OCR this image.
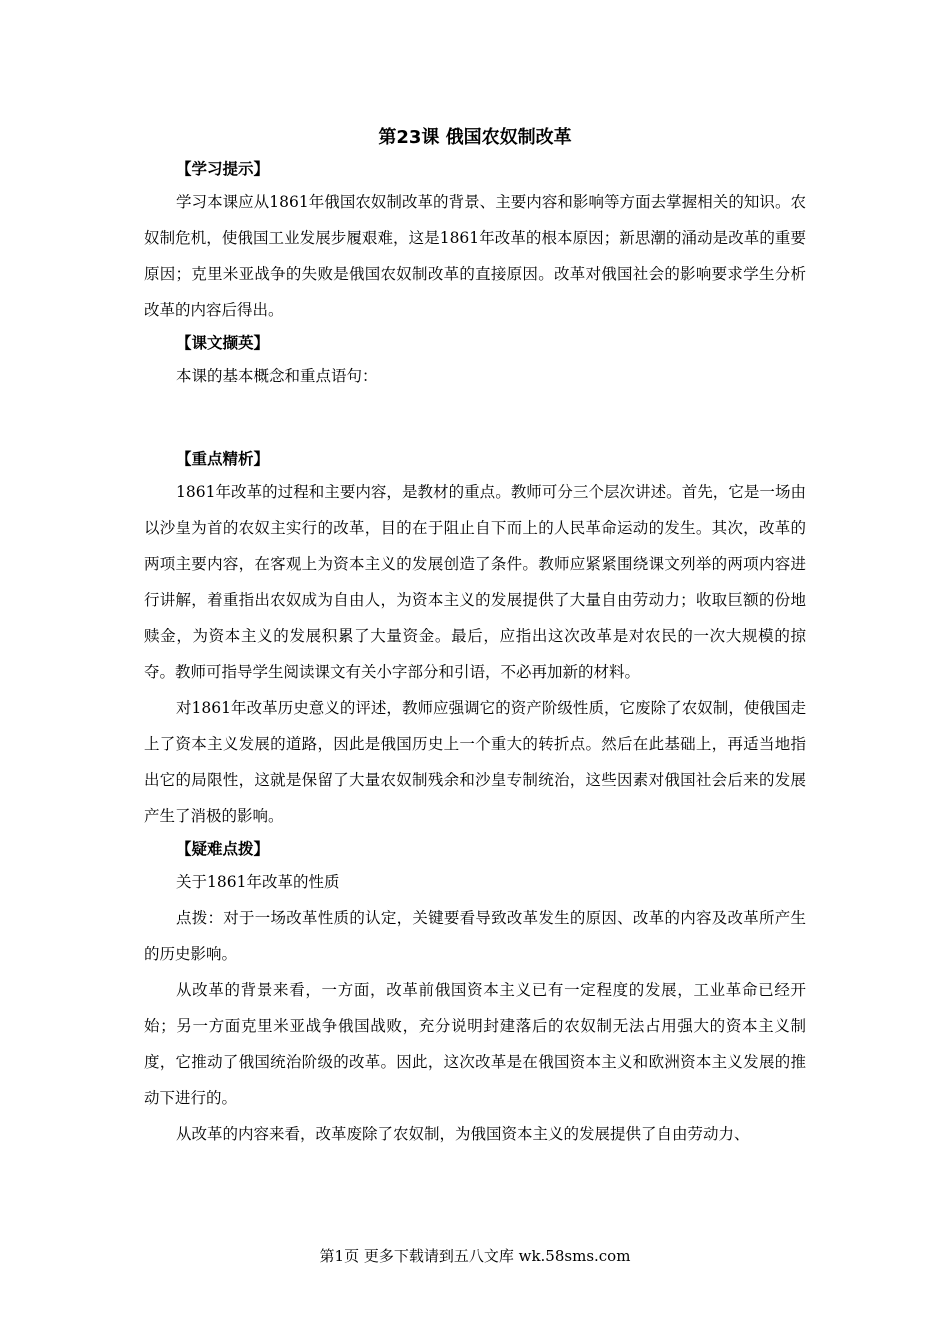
第23课 俄国农奴制改革

【学习提示】

学习本课应从1861年俄国农奴制改革的背景、主要内容和影响等方面去掌握相关的知识。农奴制危机，使俄国工业发展步履艰难，这是1861年改革的根本原因；新思潮的涌动是改革的重要原因；克里米亚战争的失败是俄国农奴制改革的直接原因。改革对俄国社会的影响要求学生分析改革的内容后得出。

【课文撷英】

本课的基本概念和重点语句：

【重点精析】

1861年改革的过程和主要内容，是教材的重点。教师可分三个层次讲述。首先，它是一场由以沙皇为首的农奴主实行的改革，目的在于阻止自下而上的人民革命运动的发生。其次，改革的两项主要内容，在客观上为资本主义的发展创造了条件。教师应紧紧围绕课文列举的两项内容进行讲解，着重指出农奴成为自由人，为资本主义的发展提供了大量自由劳动力；收取巨额的份地赎金，为资本主义的发展积累了大量资金。最后，应指出这次改革是对农民的一次大规模的掠夺。教师可指导学生阅读课文有关小字部分和引语，不必再加新的材料。

对1861年改革历史意义的评述，教师应强调它的资产阶级性质，它废除了农奴制，使俄国走上了资本主义发展的道路，因此是俄国历史上一个重大的转折点。然后在此基础上，再适当地指出它的局限性，这就是保留了大量农奴制残余和沙皇专制统治，这些因素对俄国社会后来的发展产生了消极的影响。

【疑难点拨】

关于1861年改革的性质

点拨：对于一场改革性质的认定，关键要看导致改革发生的原因、改革的内容及改革所产生的历史影响。

从改革的背景来看，一方面，改革前俄国资本主义已有一定程度的发展，工业革命已经开始；另一方面克里米亚战争俄国战败，充分说明封建落后的农奴制无法占用强大的资本主义制度，它推动了俄国统治阶级的改革。因此，这次改革是在俄国资本主义和欧洲资本主义发展的推动下进行的。

从改革的内容来看，改革废除了农奴制，为俄国资本主义的发展提供了自由劳动力、

第1页 更多下载请到五八文库 wk.58sms.com
